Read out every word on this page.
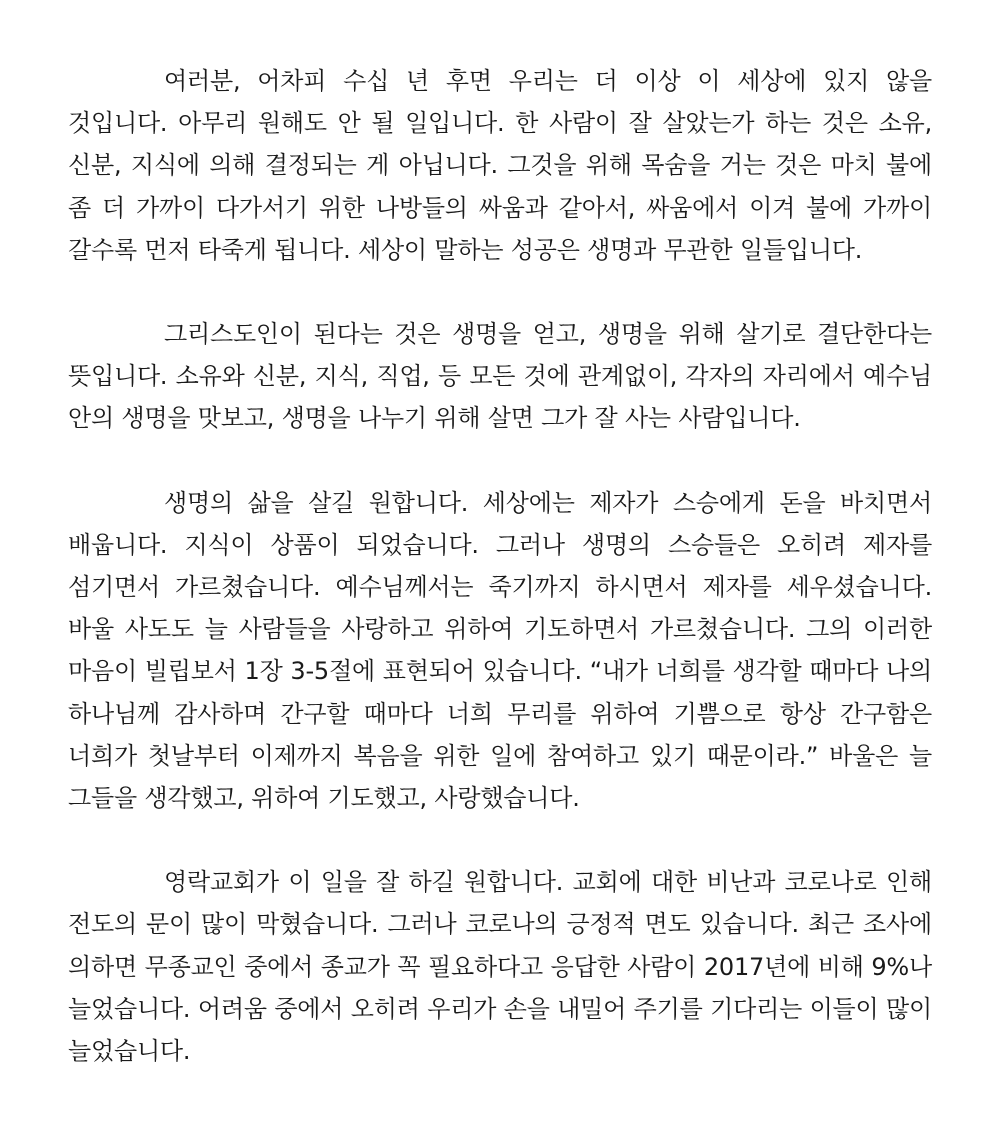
여러분, 어차피 수십 년 후면 우리는 더 이상 이 세상에 있지 않을 것입니다. 아무리 원해도 안 될 일입니다. 한 사람이 잘 살았는가 하는 것은 소유, 신분, 지식에 의해 결정되는 게 아닙니다. 그것을 위해 목숨을 거는 것은 마치 불에 좀 더 가까이 다가서기 위한 나방들의 싸움과 같아서, 싸움에서 이겨 불에 가까이 갈수록 먼저 타죽게 됩니다. 세상이 말하는 성공은 생명과 무관한 일들입니다.

그리스도인이 된다는 것은 생명을 얻고, 생명을 위해 살기로 결단한다는 뜻입니다. 소유와 신분, 지식, 직업, 등 모든 것에 관계없이, 각자의 자리에서 예수님 안의 생명을 맛보고, 생명을 나누기 위해 살면 그가 잘 사는 사람입니다.

생명의 삶을 살길 원합니다. 세상에는 제자가 스승에게 돈을 바치면서 배웁니다. 지식이 상품이 되었습니다. 그러나 생명의 스승들은 오히려 제자를 섬기면서 가르쳤습니다. 예수님께서는 죽기까지 하시면서 제자를 세우셨습니다. 바울 사도도 늘 사람들을 사랑하고 위하여 기도하면서 가르쳤습니다. 그의 이러한 마음이 빌립보서 1장 3-5절에 표현되어 있습니다. “내가 너희를 생각할 때마다 나의 하나님께 감사하며 간구할 때마다 너희 무리를 위하여 기쁨으로 항상 간구함은 너희가 첫날부터 이제까지 복음을 위한 일에 참여하고 있기 때문이라.” 바울은 늘 그들을 생각했고, 위하여 기도했고, 사랑했습니다.

영락교회가 이 일을 잘 하길 원합니다. 교회에 대한 비난과 코로나로 인해 전도의 문이 많이 막혔습니다. 그러나 코로나의 긍정적 면도 있습니다. 최근 조사에 의하면 무종교인 중에서 종교가 꼭 필요하다고 응답한 사람이 2017년에 비해 9%나 늘었습니다. 어려움 중에서 오히려 우리가 손을 내밀어 주기를 기다리는 이들이 많이 늘었습니다.
